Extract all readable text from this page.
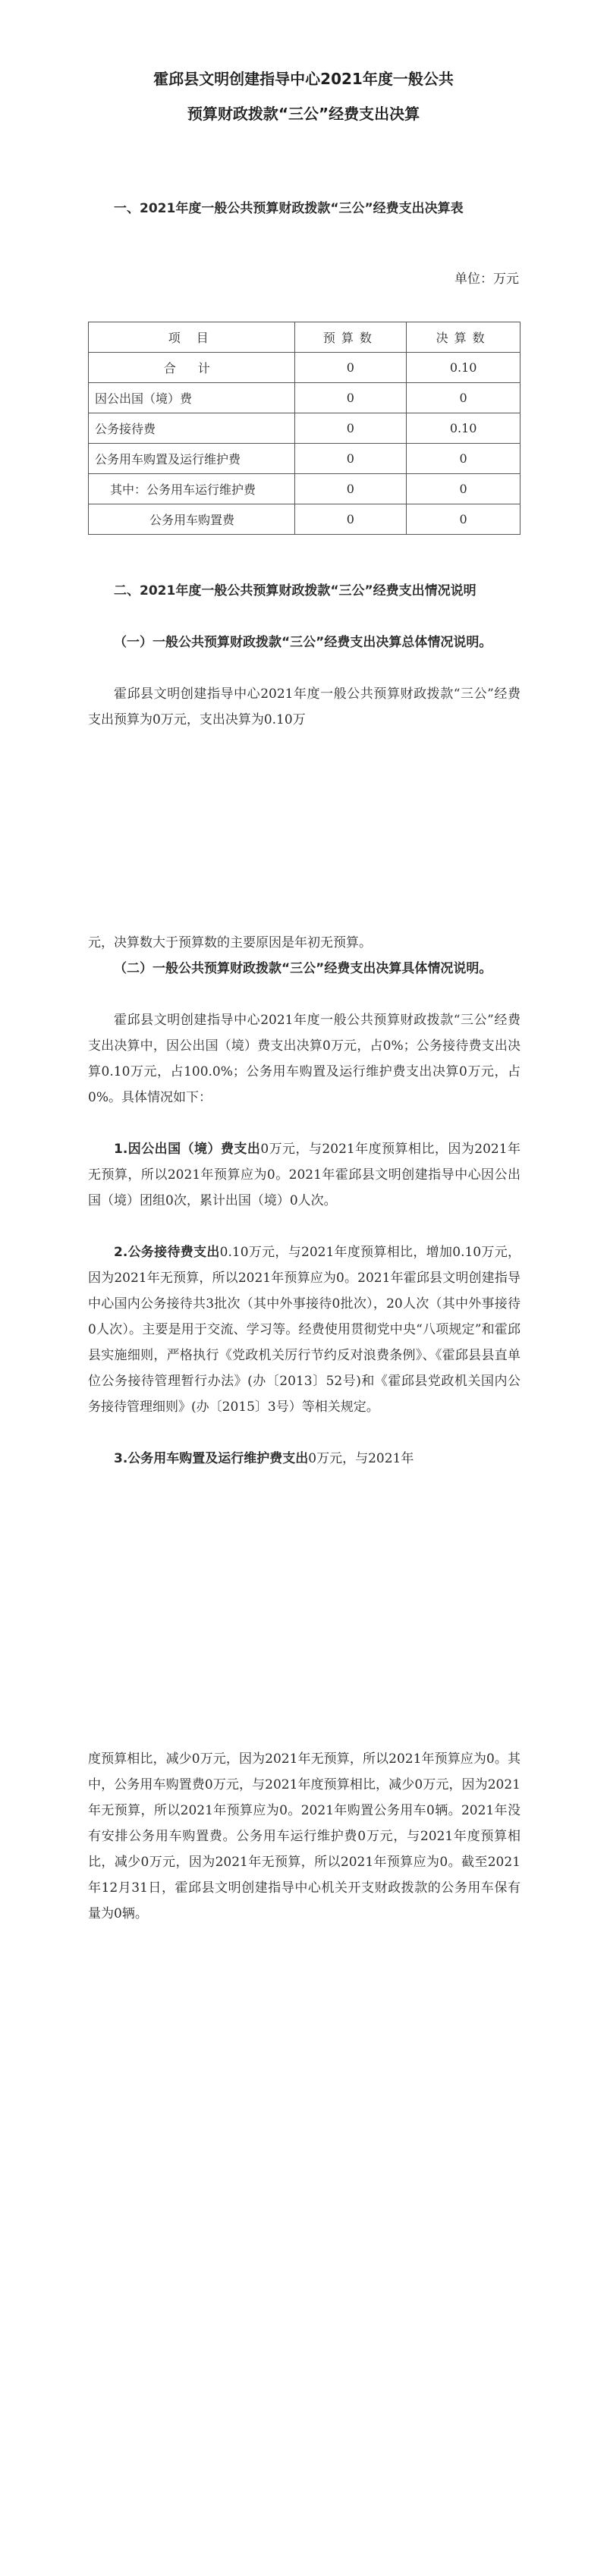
霍邱县文明创建指导中心2021年度一般公共
预算财政拨款“三公”经费支出决算

一、2021年度一般公共预算财政拨款“三公”经费支出决算表

单位：万元

项 目	预算数	决算数
合 计	0	0.10
因公出国（境）费	0	0
公务接待费	0	0.10
公务用车购置及运行维护费	0	0
其中：公务用车运行维护费	0	0
公务用车购置费	0	0

二、2021年度一般公共预算财政拨款“三公”经费支出情况说明

（一）一般公共预算财政拨款“三公”经费支出决算总体情况说明。

霍邱县文明创建指导中心2021年度一般公共预算财政拨款“三公”经费支出预算为0万元，支出决算为0.10万

元，决算数大于预算数的主要原因是年初无预算。

（二）一般公共预算财政拨款“三公”经费支出决算具体情况说明。

霍邱县文明创建指导中心2021年度一般公共预算财政拨款“三公”经费支出决算中，因公出国（境）费支出决算0万元，占0%；公务接待费支出决算0.10万元，占100.0%；公务用车购置及运行维护费支出决算0万元，占0%。具体情况如下：

1.因公出国（境）费支出0万元，与2021年度预算相比，因为2021年无预算，所以2021年预算应为0。2021年霍邱县文明创建指导中心因公出国（境）团组0次，累计出国（境）0人次。

2.公务接待费支出0.10万元，与2021年度预算相比，增加0.10万元，因为2021年无预算，所以2021年预算应为0。2021年霍邱县文明创建指导中心国内公务接待共3批次（其中外事接待0批次），20人次（其中外事接待0人次）。主要是用于交流、学习等。经费使用贯彻党中央“八项规定”和霍邱县实施细则，严格执行《党政机关厉行节约反对浪费条例》、《霍邱县县直单位公务接待管理暂行办法》(办〔2013〕52号)和《霍邱县党政机关国内公务接待管理细则》(办〔2015〕3号）等相关规定。

3.公务用车购置及运行维护费支出0万元，与2021年

度预算相比，减少0万元，因为2021年无预算，所以2021年预算应为0。其中，公务用车购置费0万元，与2021年度预算相比，减少0万元，因为2021年无预算，所以2021年预算应为0。2021年购置公务用车0辆。2021年没有安排公务用车购置费。公务用车运行维护费0万元，与2021年度预算相比，减少0万元，因为2021年无预算，所以2021年预算应为0。截至2021年12月31日，霍邱县文明创建指导中心机关开支财政拨款的公务用车保有量为0辆。
